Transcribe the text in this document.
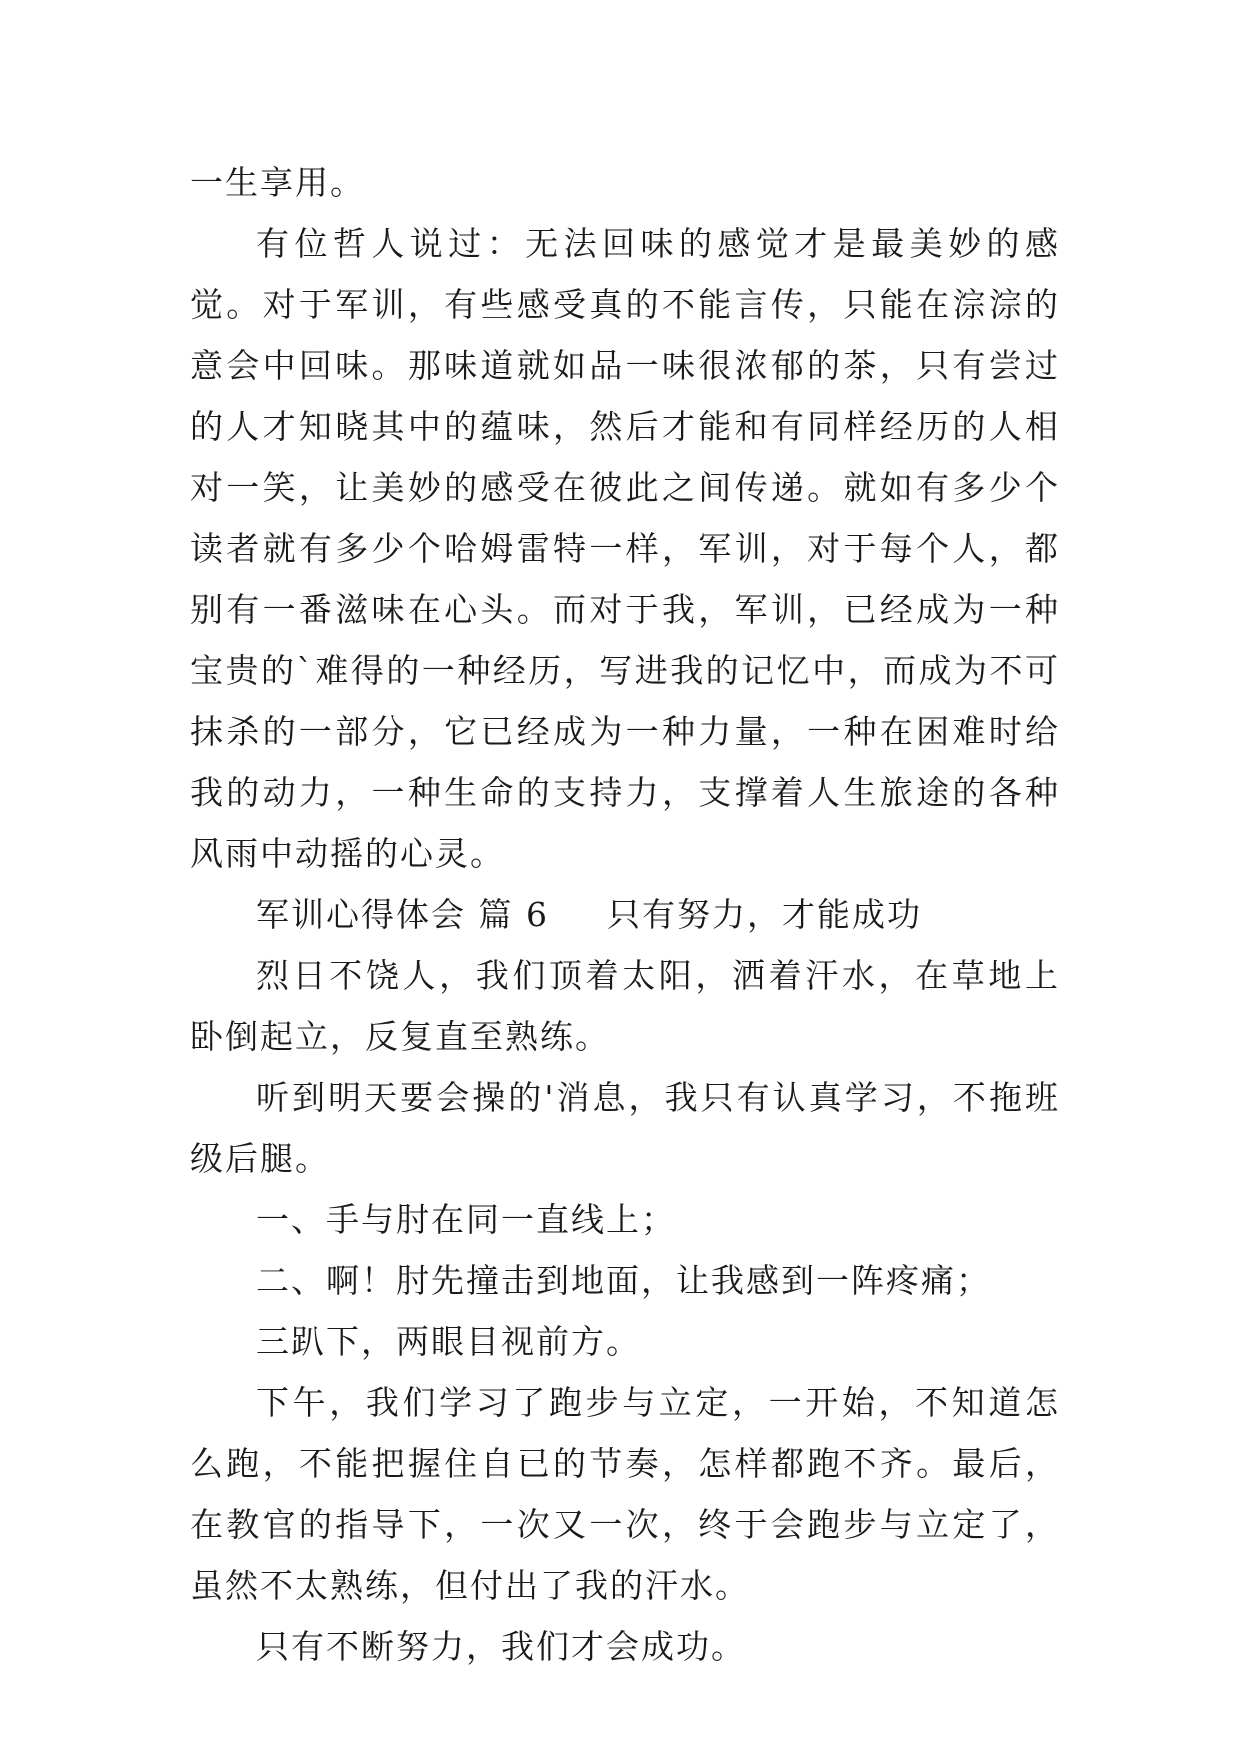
一生享用。

有位哲人说过：无法回味的感觉才是最美妙的感觉。对于军训，有些感受真的不能言传，只能在淙淙的意会中回味。那味道就如品一味很浓郁的茶，只有尝过的人才知晓其中的蕴味，然后才能和有同样经历的人相对一笑，让美妙的感受在彼此之间传递。就如有多少个读者就有多少个哈姆雷特一样，军训，对于每个人，都别有一番滋味在心头。而对于我，军训，已经成为一种宝贵的`难得的一种经历，写进我的记忆中，而成为不可抹杀的一部分，它已经成为一种力量，一种在困难时给我的动力，一种生命的支持力，支撑着人生旅途的各种风雨中动摇的心灵。

军训心得体会 篇 6 只有努力，才能成功

烈日不饶人，我们顶着太阳，洒着汗水，在草地上卧倒起立，反复直至熟练。

听到明天要会操的'消息，我只有认真学习，不拖班级后腿。

一、手与肘在同一直线上；

二、啊！肘先撞击到地面，让我感到一阵疼痛；

三趴下，两眼目视前方。

下午，我们学习了跑步与立定，一开始，不知道怎么跑，不能把握住自已的节奏，怎样都跑不齐。最后，在教官的指导下，一次又一次，终于会跑步与立定了，虽然不太熟练，但付出了我的汗水。

只有不断努力，我们才会成功。
